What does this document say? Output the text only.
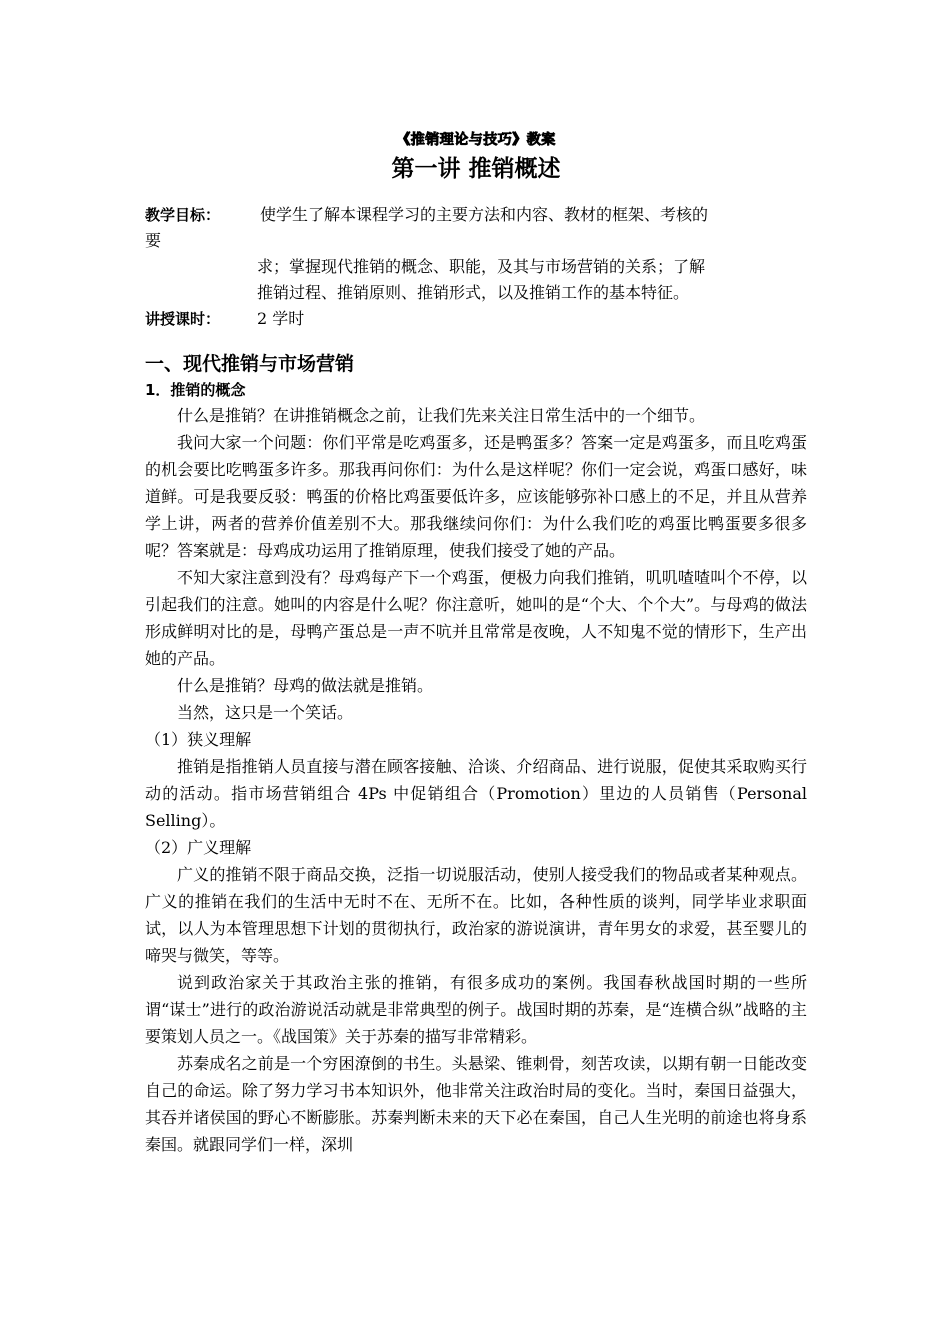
《推销理论与技巧》教案

第一讲 推销概述
教学目标：	使学生了解本课程学习的主要方法和内容、教材的框架、考核的
要
求；掌握现代推销的概念、职能，及其与市场营销的关系；了解
推销过程、推销原则、推销形式，以及推销工作的基本特征。
讲授课时：	2 学时
一、现代推销与市场营销
1．推销的概念

什么是推销？在讲推销概念之前，让我们先来关注日常生活中的一个细节。

我问大家一个问题：你们平常是吃鸡蛋多，还是鸭蛋多？答案一定是鸡蛋多，而且吃鸡蛋的机会要比吃鸭蛋多许多。那我再问你们：为什么是这样呢？你们一定会说，鸡蛋口感好，味道鲜。可是我要反驳：鸭蛋的价格比鸡蛋要低许多，应该能够弥补口感上的不足，并且从营养学上讲，两者的营养价值差别不大。那我继续问你们：为什么我们吃的鸡蛋比鸭蛋要多很多呢？答案就是：母鸡成功运用了推销原理，使我们接受了她的产品。

不知大家注意到没有？母鸡每产下一个鸡蛋，便极力向我们推销，叽叽喳喳叫个不停，以引起我们的注意。她叫的内容是什么呢？你注意听，她叫的是“个大、个个大”。与母鸡的做法形成鲜明对比的是，母鸭产蛋总是一声不吭并且常常是夜晚，人不知鬼不觉的情形下，生产出她的产品。

什么是推销？母鸡的做法就是推销。

当然，这只是一个笑话。

（1）狭义理解

推销是指推销人员直接与潜在顾客接触、洽谈、介绍商品、进行说服，促使其采取购买行动的活动。指市场营销组合 4Ps 中促销组合（Promotion）里边的人员销售（Personal Selling）。

（2）广义理解

广义的推销不限于商品交换，泛指一切说服活动，使别人接受我们的物品或者某种观点。广义的推销在我们的生活中无时不在、无所不在。比如，各种性质的谈判，同学毕业求职面试，以人为本管理思想下计划的贯彻执行，政治家的游说演讲，青年男女的求爱，甚至婴儿的啼哭与微笑，等等。

说到政治家关于其政治主张的推销，有很多成功的案例。我国春秋战国时期的一些所谓“谋士”进行的政治游说活动就是非常典型的例子。战国时期的苏秦，是“连横合纵”战略的主要策划人员之一。《战国策》关于苏秦的描写非常精彩。

苏秦成名之前是一个穷困潦倒的书生。头悬梁、锥刺骨，刻苦攻读，以期有朝一日能改变自己的命运。除了努力学习书本知识外，他非常关注政治时局的变化。当时，秦国日益强大，其吞并诸侯国的野心不断膨胀。苏秦判断未来的天下必在秦国，自己人生光明的前途也将身系秦国。就跟同学们一样，深圳
